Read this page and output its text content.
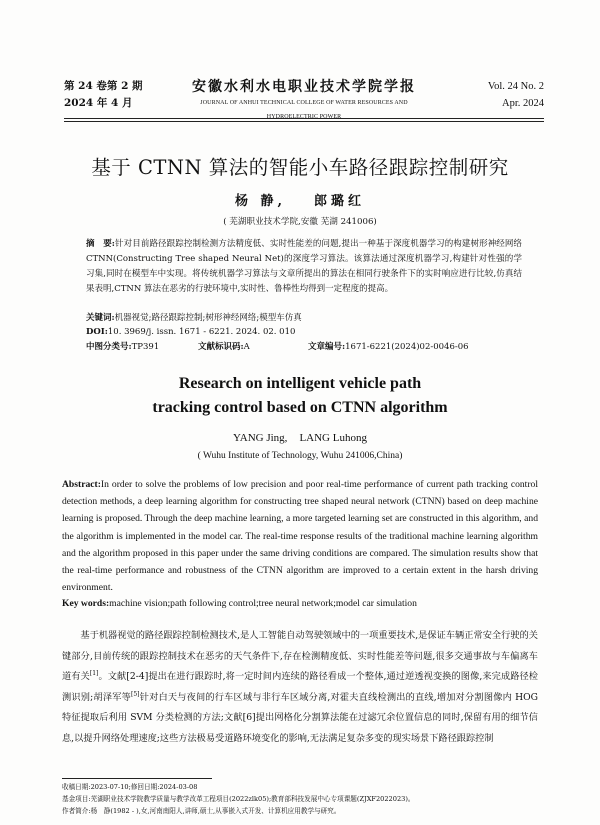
第 24 卷第 2 期
2024 年 4 月
安徽水利水电职业技术学院学报
JOURNAL OF ANHUI TECHNICAL COLLEGE OF WATER RESOURCES AND HYDROELECTRIC POWER
Vol. 24 No. 2
Apr. 2024
基于 CTNN 算法的智能小车路径跟踪控制研究
杨 静, 郎璐红
( 芜湖职业技术学院,安徽 芜湖 241006)
摘　要:针对目前路径跟踪控制检测方法精度低、实时性能差的问题,提出一种基于深度机器学习的构建树形神经网络 CTNN(Constructing Tree shaped Neural Net)的深度学习算法。该算法通过深度机器学习,构建针对性强的学习集,同时在模型车中实现。将传统机器学习算法与文章所提出的算法在相同行驶条件下的实时响应进行比较,仿真结果表明,CTNN 算法在恶劣的行驶环境中,实时性、鲁棒性均得到一定程度的提高。
关键词:机器视觉;路径跟踪控制;树形神经网络;模型车仿真
DOI:10. 3969/j. issn. 1671 - 6221. 2024. 02. 010
中图分类号: TP391	文献标识码: A	文章编号: 1671-6221(2024)02-0046-06
Research on intelligent vehicle path
tracking control based on CTNN algorithm
YANG Jing, LANG Luhong
( Wuhu Institute of Technology, Wuhu 241006,China)
Abstract:In order to solve the problems of low precision and poor real-time performance of current path tracking control detection methods, a deep learning algorithm for constructing tree shaped neural network (CTNN) based on deep machine learning is proposed. Through the deep machine learning, a more targeted learning set are constructed in this algorithm, and the algorithm is implemented in the model car. The real-time response results of the traditional machine learning algorithm and the algorithm proposed in this paper under the same driving conditions are compared. The simulation results show that the real-time performance and robustness of the CTNN algorithm are improved to a certain extent in the harsh driving environment.
Key words:machine vision;path following control;tree neural network;model car simulation
基于机器视觉的路径跟踪控制检测技术,是人工智能自动驾驶领域中的一项重要技术,是保证车辆正常安全行驶的关键部分,目前传统的跟踪控制技术在恶劣的天气条件下,存在检测精度低、实时性能差等问题,很多交通事故与车偏离车道有关[1]。文献[2-4]提出在进行跟踪时,将一定时间内连续的路径看成一个整体,通过逆透视变换的图像,来完成路径检测识别;胡泽军等[5]针对白天与夜间的行车区域与非行车区域分离,对霍夫直线检测出的直线,增加对分割图像内 HOG 特征提取后利用 SVM 分类检测的方法;文献[6]提出网格化分割算法能在过滤冗余位置信息的同时,保留有用的细节信息,以提升网络处理速度;这些方法极易受道路环境变化的影响,无法满足复杂多变的现实场景下路径跟踪控制
收稿日期:2023-07-10;修回日期:2024-03-08
基金项目:芜湖职业技术学院教学质量与教学改革工程项目(2022zlk05);教育部科技发展中心专项课题(ZJXF2022023)。
作者简介:杨　静(1982 - ),女,河南南阳人,讲师,硕士,从事嵌入式开发、计算机应用教学与研究。
